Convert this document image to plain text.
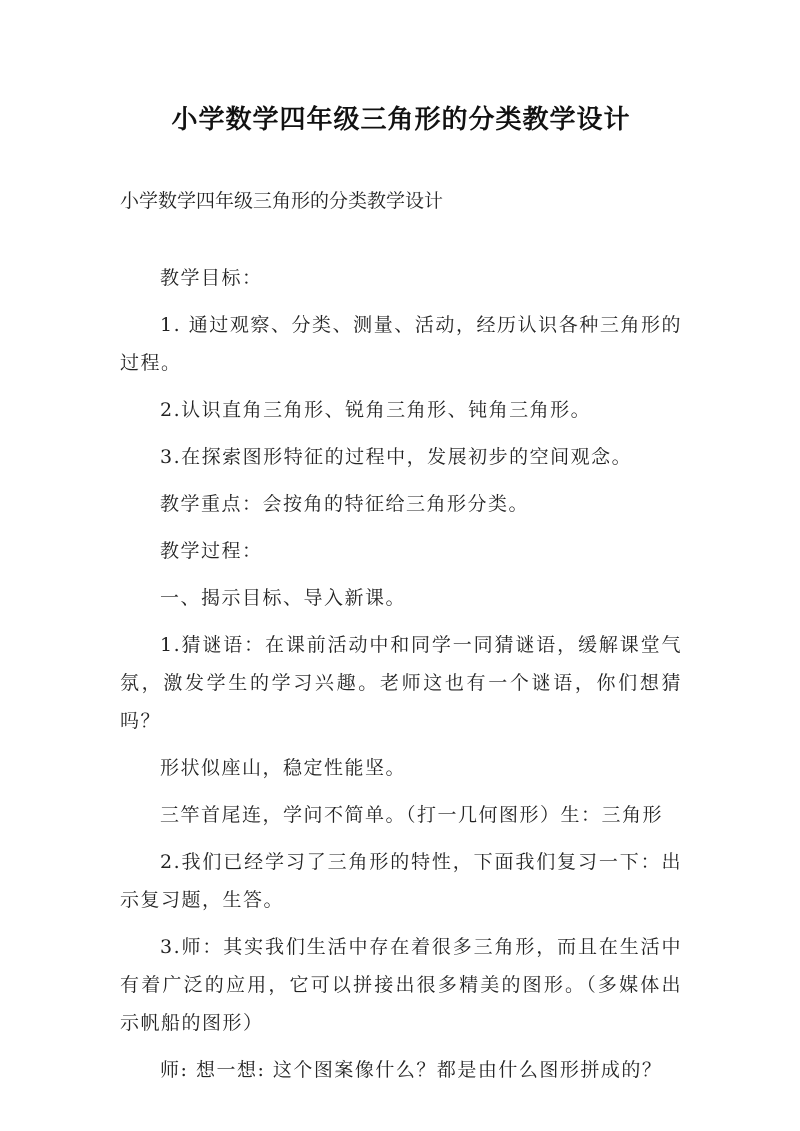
小学数学四年级三角形的分类教学设计

小学数学四年级三角形的分类教学设计

教学目标：

1. 通过观察、分类、测量、活动，经历认识各种三角形的过程。

2.认识直角三角形、锐角三角形、钝角三角形。

3.在探索图形特征的过程中，发展初步的空间观念。

教学重点：会按角的特征给三角形分类。

教学过程：

一、揭示目标、导入新课。

1.猜谜语：在课前活动中和同学一同猜谜语，缓解课堂气氛，激发学生的学习兴趣。老师这也有一个谜语，你们想猜吗？

形状似座山，稳定性能坚。

三竿首尾连，学问不简单。（打一几何图形）生：三角形

2.我们已经学习了三角形的特性，下面我们复习一下：出示复习题，生答。

3.师：其实我们生活中存在着很多三角形，而且在生活中有着广泛的应用，它可以拼接出很多精美的图形。（多媒体出示帆船的图形）

师: 想一想: 这个图案像什么？都是由什么图形拼成的？
